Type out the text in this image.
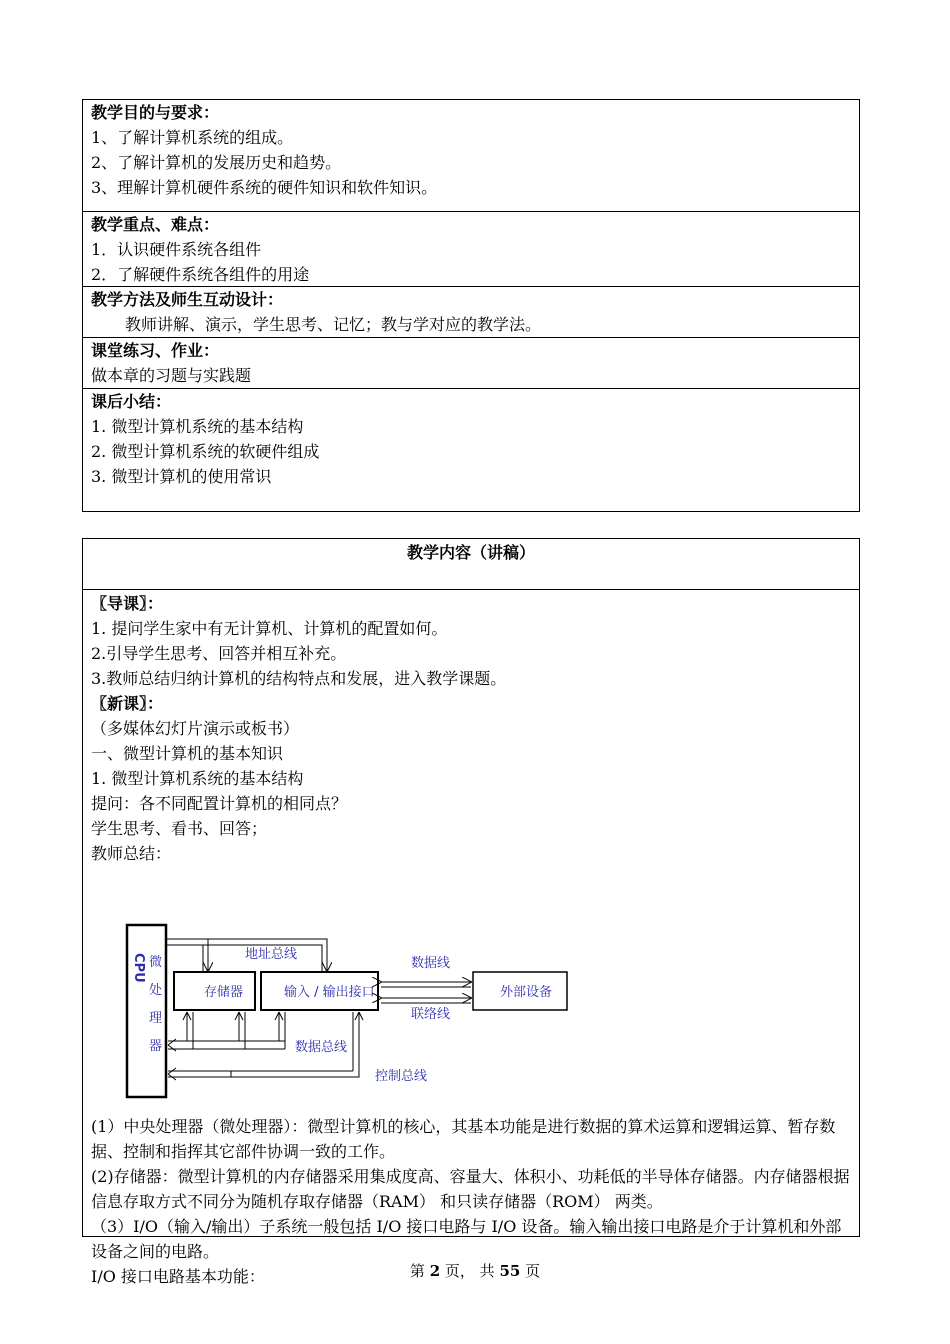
教学目的与要求：
1、了解计算机系统的组成。
2、了解计算机的发展历史和趋势。
3、理解计算机硬件系统的硬件知识和软件知识。
教学重点、难点：
1．认识硬件系统各组件
2．了解硬件系统各组件的用途
教学方法及师生互动设计：
教师讲解、演示，学生思考、记忆；教与学对应的教学法。
课堂练习、作业：
做本章的习题与实践题
课后小结：
1. 微型计算机系统的基本结构
2. 微型计算机系统的软硬件组成
3. 微型计算机的使用常识
教学内容（讲稿）
〖导课〗：
1. 提问学生家中有无计算机、计算机的配置如何。
2.引导学生思考、回答并相互补充。
3.教师总结归纳计算机的结构特点和发展，进入教学课题。
〖新课〗：
（多媒体幻灯片演示或板书）
一、微型计算机的基本知识
1. 微型计算机系统的基本结构
提问：各不同配置计算机的相同点？
学生思考、看书、回答；
教师总结：
CPU 微
处
理
器
存储器	输入 / 输出接口	外部设备
地址总线
数据线
联络线
数据总线
控制总线
(1）中央处理器（微处理器）：微型计算机的核心，其基本功能是进行数据的算术运算和逻辑运算、暂存数据、控制和指挥其它部件协调一致的工作。
(2)存储器：微型计算机的内存储器采用集成度高、容量大、体积小、功耗低的半导体存储器。内存储器根据信息存取方式不同分为随机存取存储器（RAM） 和只读存储器（ROM） 两类。
（3）I/O（输入/输出）子系统一般包括 I/O 接口电路与 I/O 设备。输入输出接口电路是介于计算机和外部设备之间的电路。
I/O 接口电路基本功能：	第 2 页， 共 55 页
